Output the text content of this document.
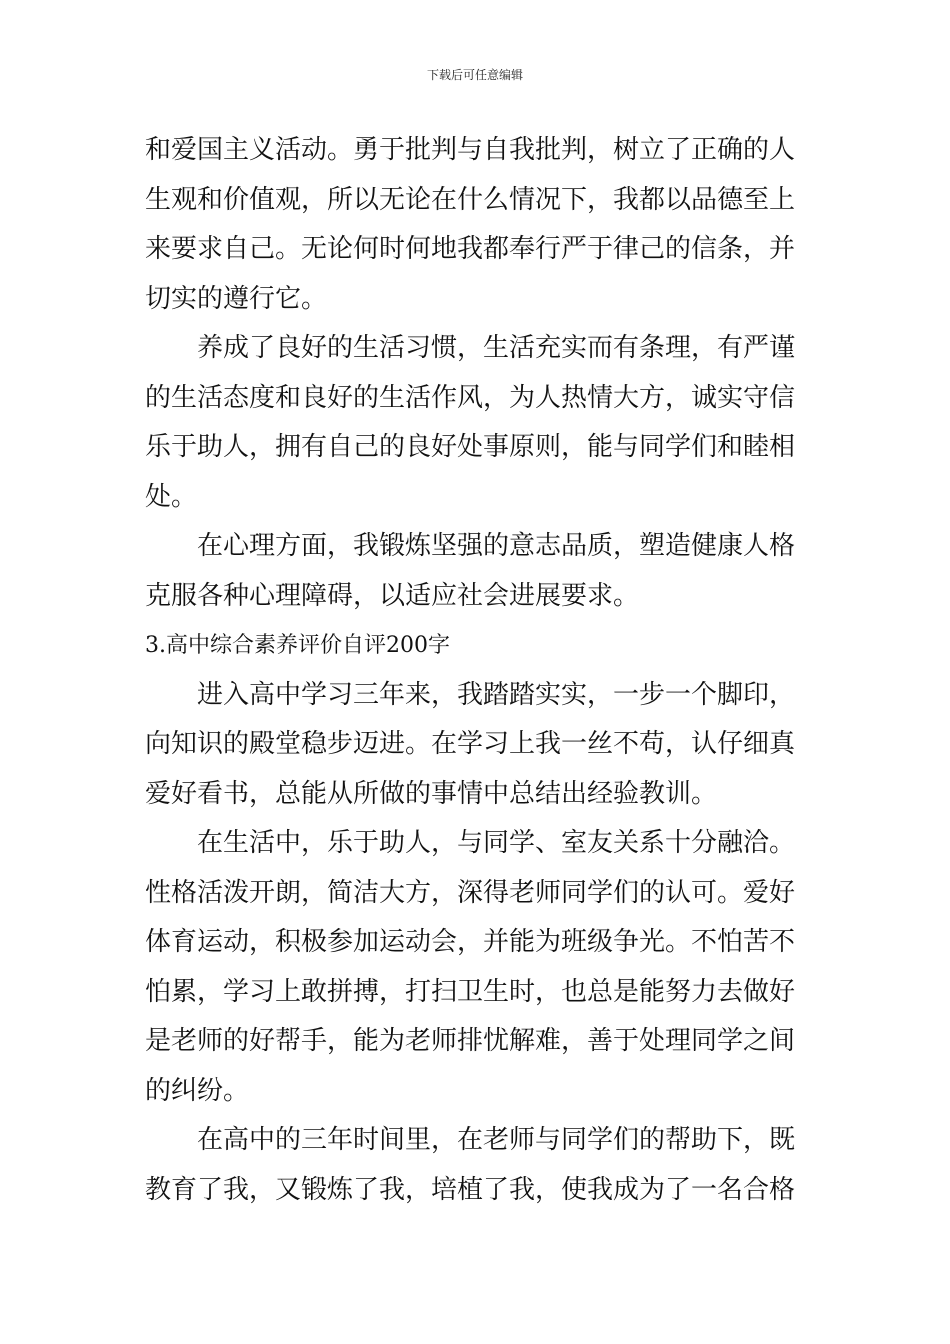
下载后可任意编辑
和爱国主义活动。勇于批判与自我批判，树立了正确的人
生观和价值观，所以无论在什么情况下，我都以品德至上
来要求自己。无论何时何地我都奉行严于律己的信条，并
切实的遵行它。
养成了良好的生活习惯，生活充实而有条理，有严谨
的生活态度和良好的生活作风，为人热情大方，诚实守信
乐于助人，拥有自己的良好处事原则，能与同学们和睦相
处。
在心理方面，我锻炼坚强的意志品质，塑造健康人格
克服各种心理障碍，以适应社会进展要求。
3.高中综合素养评价自评200字
进入高中学习三年来，我踏踏实实，一步一个脚印，
向知识的殿堂稳步迈进。在学习上我一丝不苟，认仔细真
爱好看书，总能从所做的事情中总结出经验教训。
在生活中，乐于助人，与同学、室友关系十分融洽。
性格活泼开朗，简洁大方，深得老师同学们的认可。爱好
体育运动，积极参加运动会，并能为班级争光。不怕苦不
怕累，学习上敢拼搏，打扫卫生时，也总是能努力去做好
是老师的好帮手，能为老师排忧解难，善于处理同学之间
的纠纷。
在高中的三年时间里，在老师与同学们的帮助下，既
教育了我，又锻炼了我，培植了我，使我成为了一名合格
